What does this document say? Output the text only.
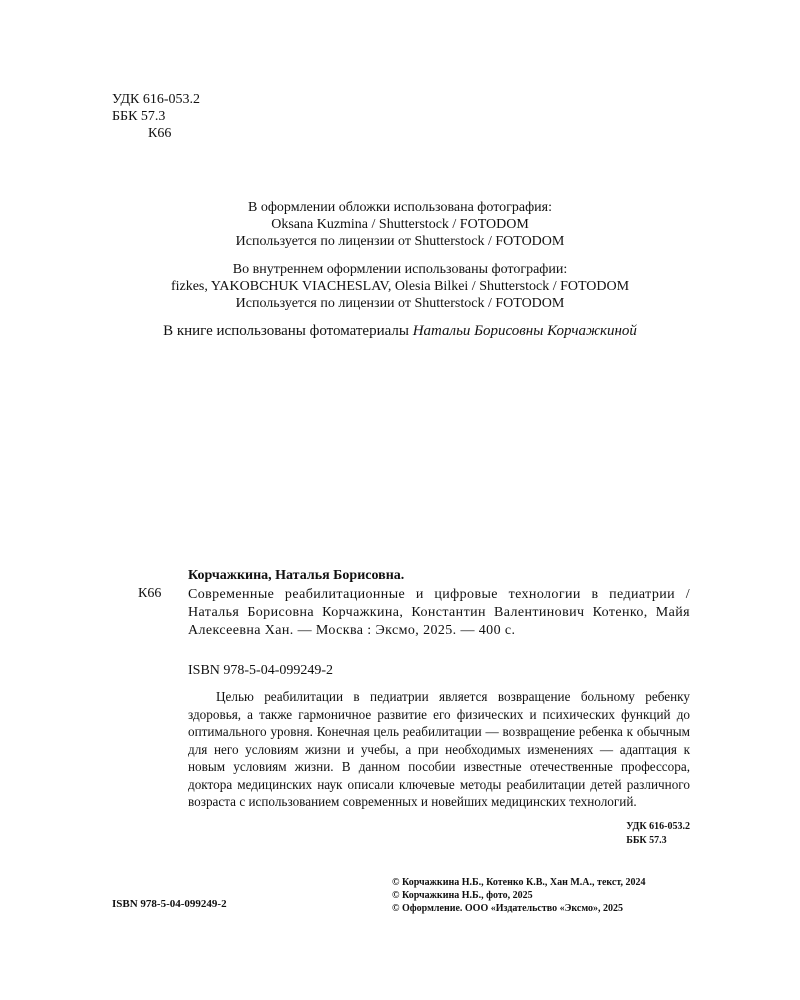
УДК 616-053.2
ББК 57.3
К66
В оформлении обложки использована фотография:
Oksana Kuzmina / Shutterstock / FOTODOM
Используется по лицензии от Shutterstock / FOTODOM
Во внутреннем оформлении использованы фотографии:
fizkes, YAKOBCHUK VIACHESLAV, Olesia Bilkei / Shutterstock / FOTODOM
Используется по лицензии от Shutterstock / FOTODOM
В книге использованы фотоматериалы Натальи Борисовны Корчажкиной
Корчажкина, Наталья Борисовна.
К66 Современные реабилитационные и цифровые технологии в педиатрии / Наталья Борисовна Корчажкина, Константин Валентинович Котенко, Майя Алексеевна Хан. — Москва : Эксмо, 2025. — 400 с.
ISBN 978-5-04-099249-2

Целью реабилитации в педиатрии является возвращение больному ребенку здоровья, а также гармоничное развитие его физических и психических функций до оптимального уровня. Конечная цель реабилитации — возвращение ребенка к обычным для него условиям жизни и учебы, а при необходимых изменениях — адаптация к новым условиям жизни. В данном пособии известные отечественные профессора, доктора медицинских наук описали ключевые методы реабилитации детей различного возраста с использованием современных и новейших медицинских технологий.

УДК 616-053.2
ББК 57.3
© Корчажкина Н.Б., Котенко К.В., Хан М.А., текст, 2024
© Корчажкина Н.Б., фото, 2025
© Оформление. ООО «Издательство «Эксмо», 2025
ISBN 978-5-04-099249-2
